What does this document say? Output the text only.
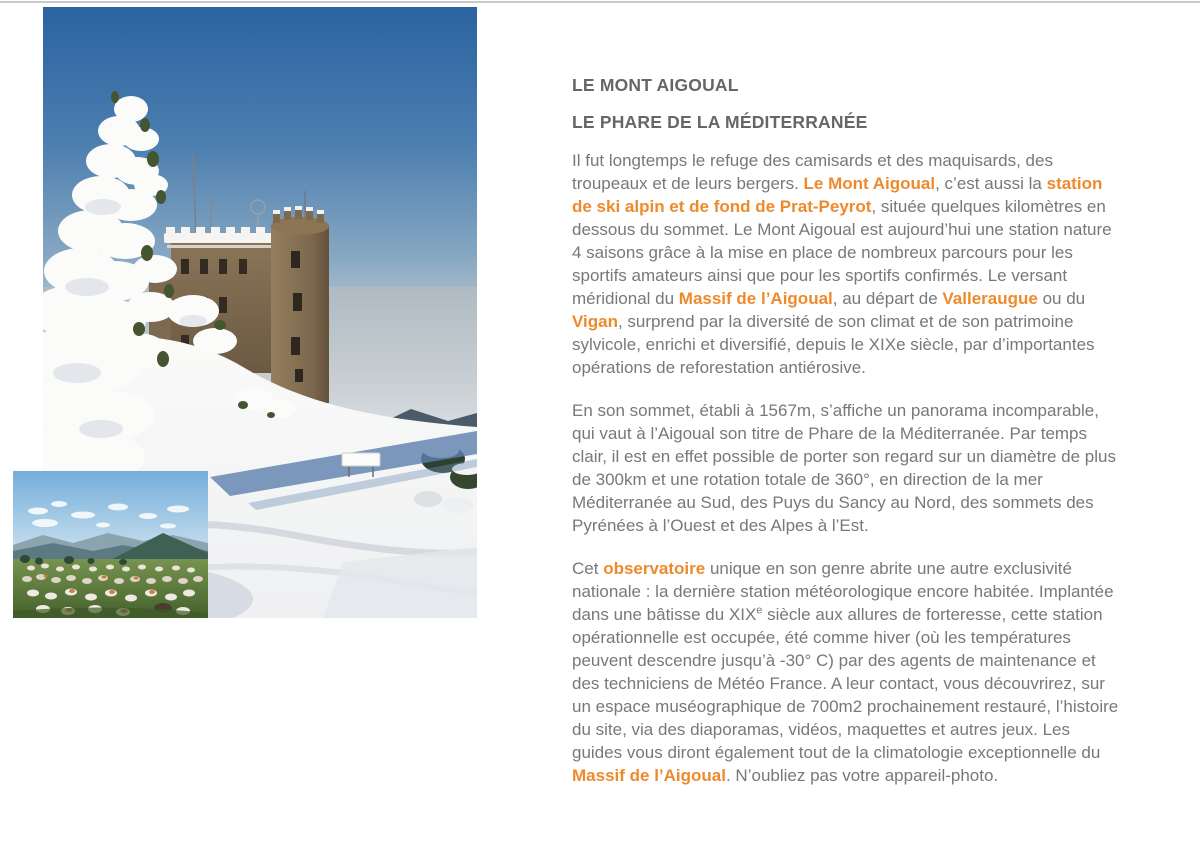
LE MONT AIGOUAL
LE PHARE DE LA MÉDITERRANÉE

Il fut longtemps le refuge des camisards et des maquisards, des troupeaux et de leurs bergers. Le Mont Aigoual, c’est aussi la station de ski alpin et de fond de Prat-Peyrot, située quelques kilomètres en dessous du sommet. Le Mont Aigoual est aujourd’hui une station nature 4 saisons grâce à la mise en place de nombreux parcours pour les sportifs amateurs ainsi que pour les sportifs confirmés. Le versant méridional du Massif de l’Aigoual, au départ de Valleraugue ou du Vigan, surprend par la diversité de son climat et de son patrimoine sylvicole, enrichi et diversifié, depuis le XIXe siècle, par d’importantes opérations de reforestation antiérosive.

En son sommet, établi à 1567m, s’affiche un panorama incomparable, qui vaut à l’Aigoual son titre de Phare de la Méditerranée. Par temps clair, il est en effet possible de porter son regard sur un diamètre de plus de 300km et une rotation totale de 360°, en direction de la mer Méditerranée au Sud, des Puys du Sancy au Nord, des sommets des Pyrénées à l’Ouest et des Alpes à l’Est.

Cet observatoire unique en son genre abrite une autre exclusivité nationale : la dernière station météorologique encore habitée. Implantée dans une bâtisse du XIXe siècle aux allures de forteresse, cette station opérationnelle est occupée, été comme hiver (où les températures peuvent descendre jusqu’à -30° C) par des agents de maintenance et des techniciens de Météo France. A leur contact, vous découvrirez, sur un espace muséographique de 700m2 prochainement restauré, l’histoire du site, via des diaporamas, vidéos, maquettes et autres jeux. Les guides vous diront également tout de la climatologie exceptionnelle du Massif de l’Aigoual. N’oubliez pas votre appareil-photo.
